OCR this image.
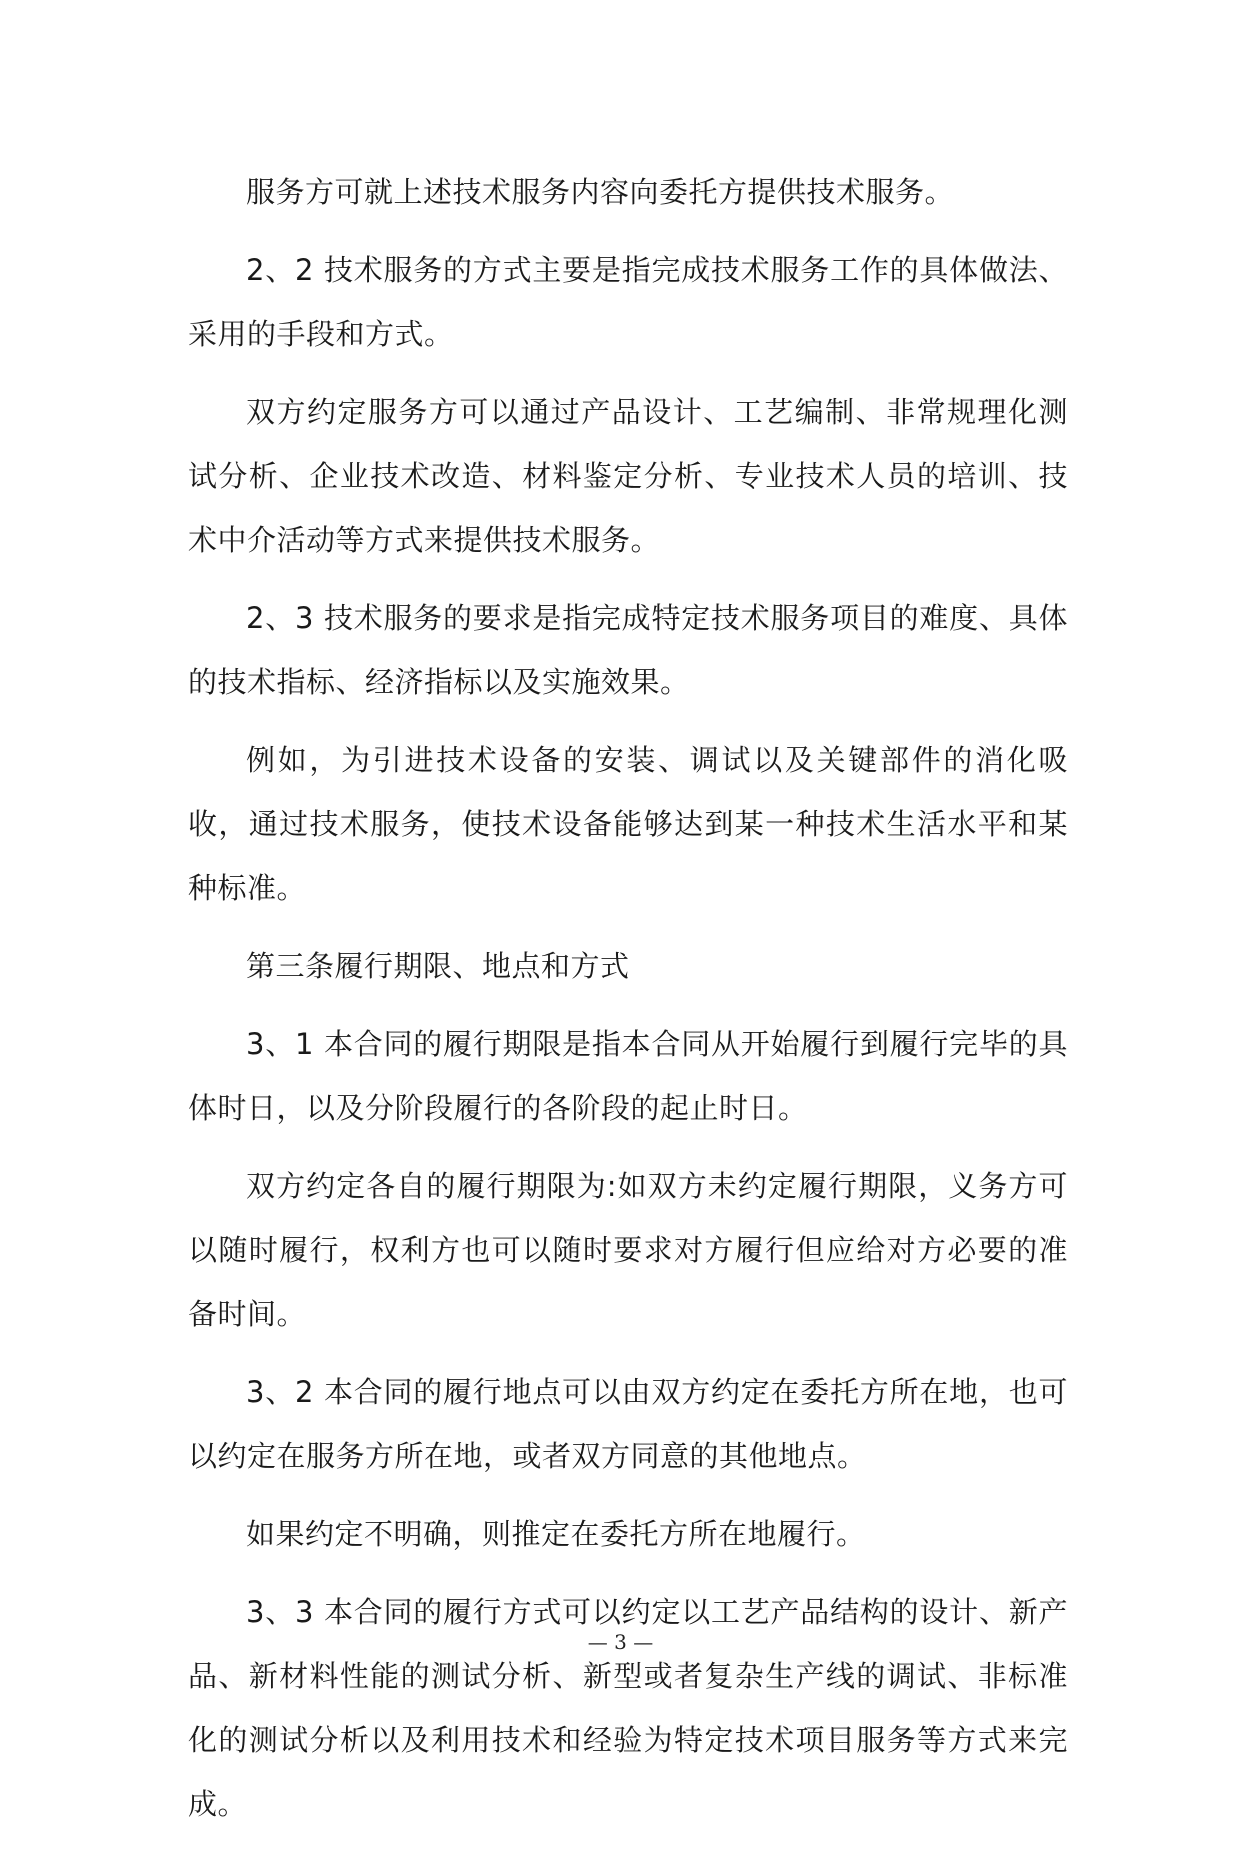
服务方可就上述技术服务内容向委托方提供技术服务。

2、2 技术服务的方式主要是指完成技术服务工作的具体做法、采用的手段和方式。

双方约定服务方可以通过产品设计、工艺编制、非常规理化测试分析、企业技术改造、材料鉴定分析、专业技术人员的培训、技术中介活动等方式来提供技术服务。

2、3 技术服务的要求是指完成特定技术服务项目的难度、具体的技术指标、经济指标以及实施效果。

例如，为引进技术设备的安装、调试以及关键部件的消化吸收，通过技术服务，使技术设备能够达到某一种技术生活水平和某种标准。

第三条履行期限、地点和方式

3、1 本合同的履行期限是指本合同从开始履行到履行完毕的具体时日，以及分阶段履行的各阶段的起止时日。

双方约定各自的履行期限为:如双方未约定履行期限，义务方可以随时履行，权利方也可以随时要求对方履行但应给对方必要的准备时间。

3、2 本合同的履行地点可以由双方约定在委托方所在地，也可以约定在服务方所在地，或者双方同意的其他地点。

如果约定不明确，则推定在委托方所在地履行。

3、3 本合同的履行方式可以约定以工艺产品结构的设计、新产品、新材料性能的测试分析、新型或者复杂生产线的调试、非标准化的测试分析以及利用技术和经验为特定技术项目服务等方式来完成。

— 3 —
